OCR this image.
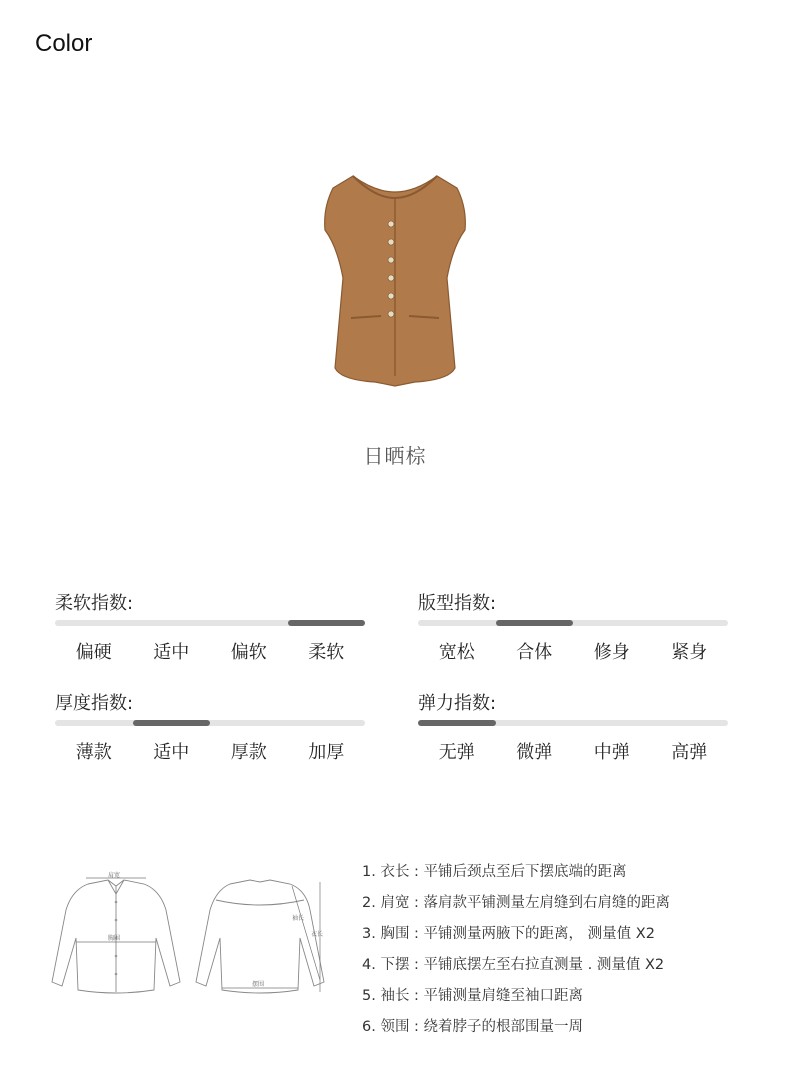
Color
日晒棕
柔软指数:
偏硬	适中	偏软	柔软
版型指数:
宽松	合体	修身	紧身
厚度指数:
薄款	适中	厚款	加厚
弹力指数:
无弹	微弹	中弹	高弹
肩宽
胸围
摆围
袖长
衣长
1. 衣长 : 平铺后颈点至后下摆底端的距离
2. 肩宽 : 落肩款平铺测量左肩缝到右肩缝的距离
3. 胸围 : 平铺测量两腋下的距离， 测量值 X2
4. 下摆 : 平铺底摆左至右拉直测量 . 测量值 X2
5. 袖长 : 平铺测量肩缝至袖口距离
6. 领围 : 绕着脖子的根部围量一周
